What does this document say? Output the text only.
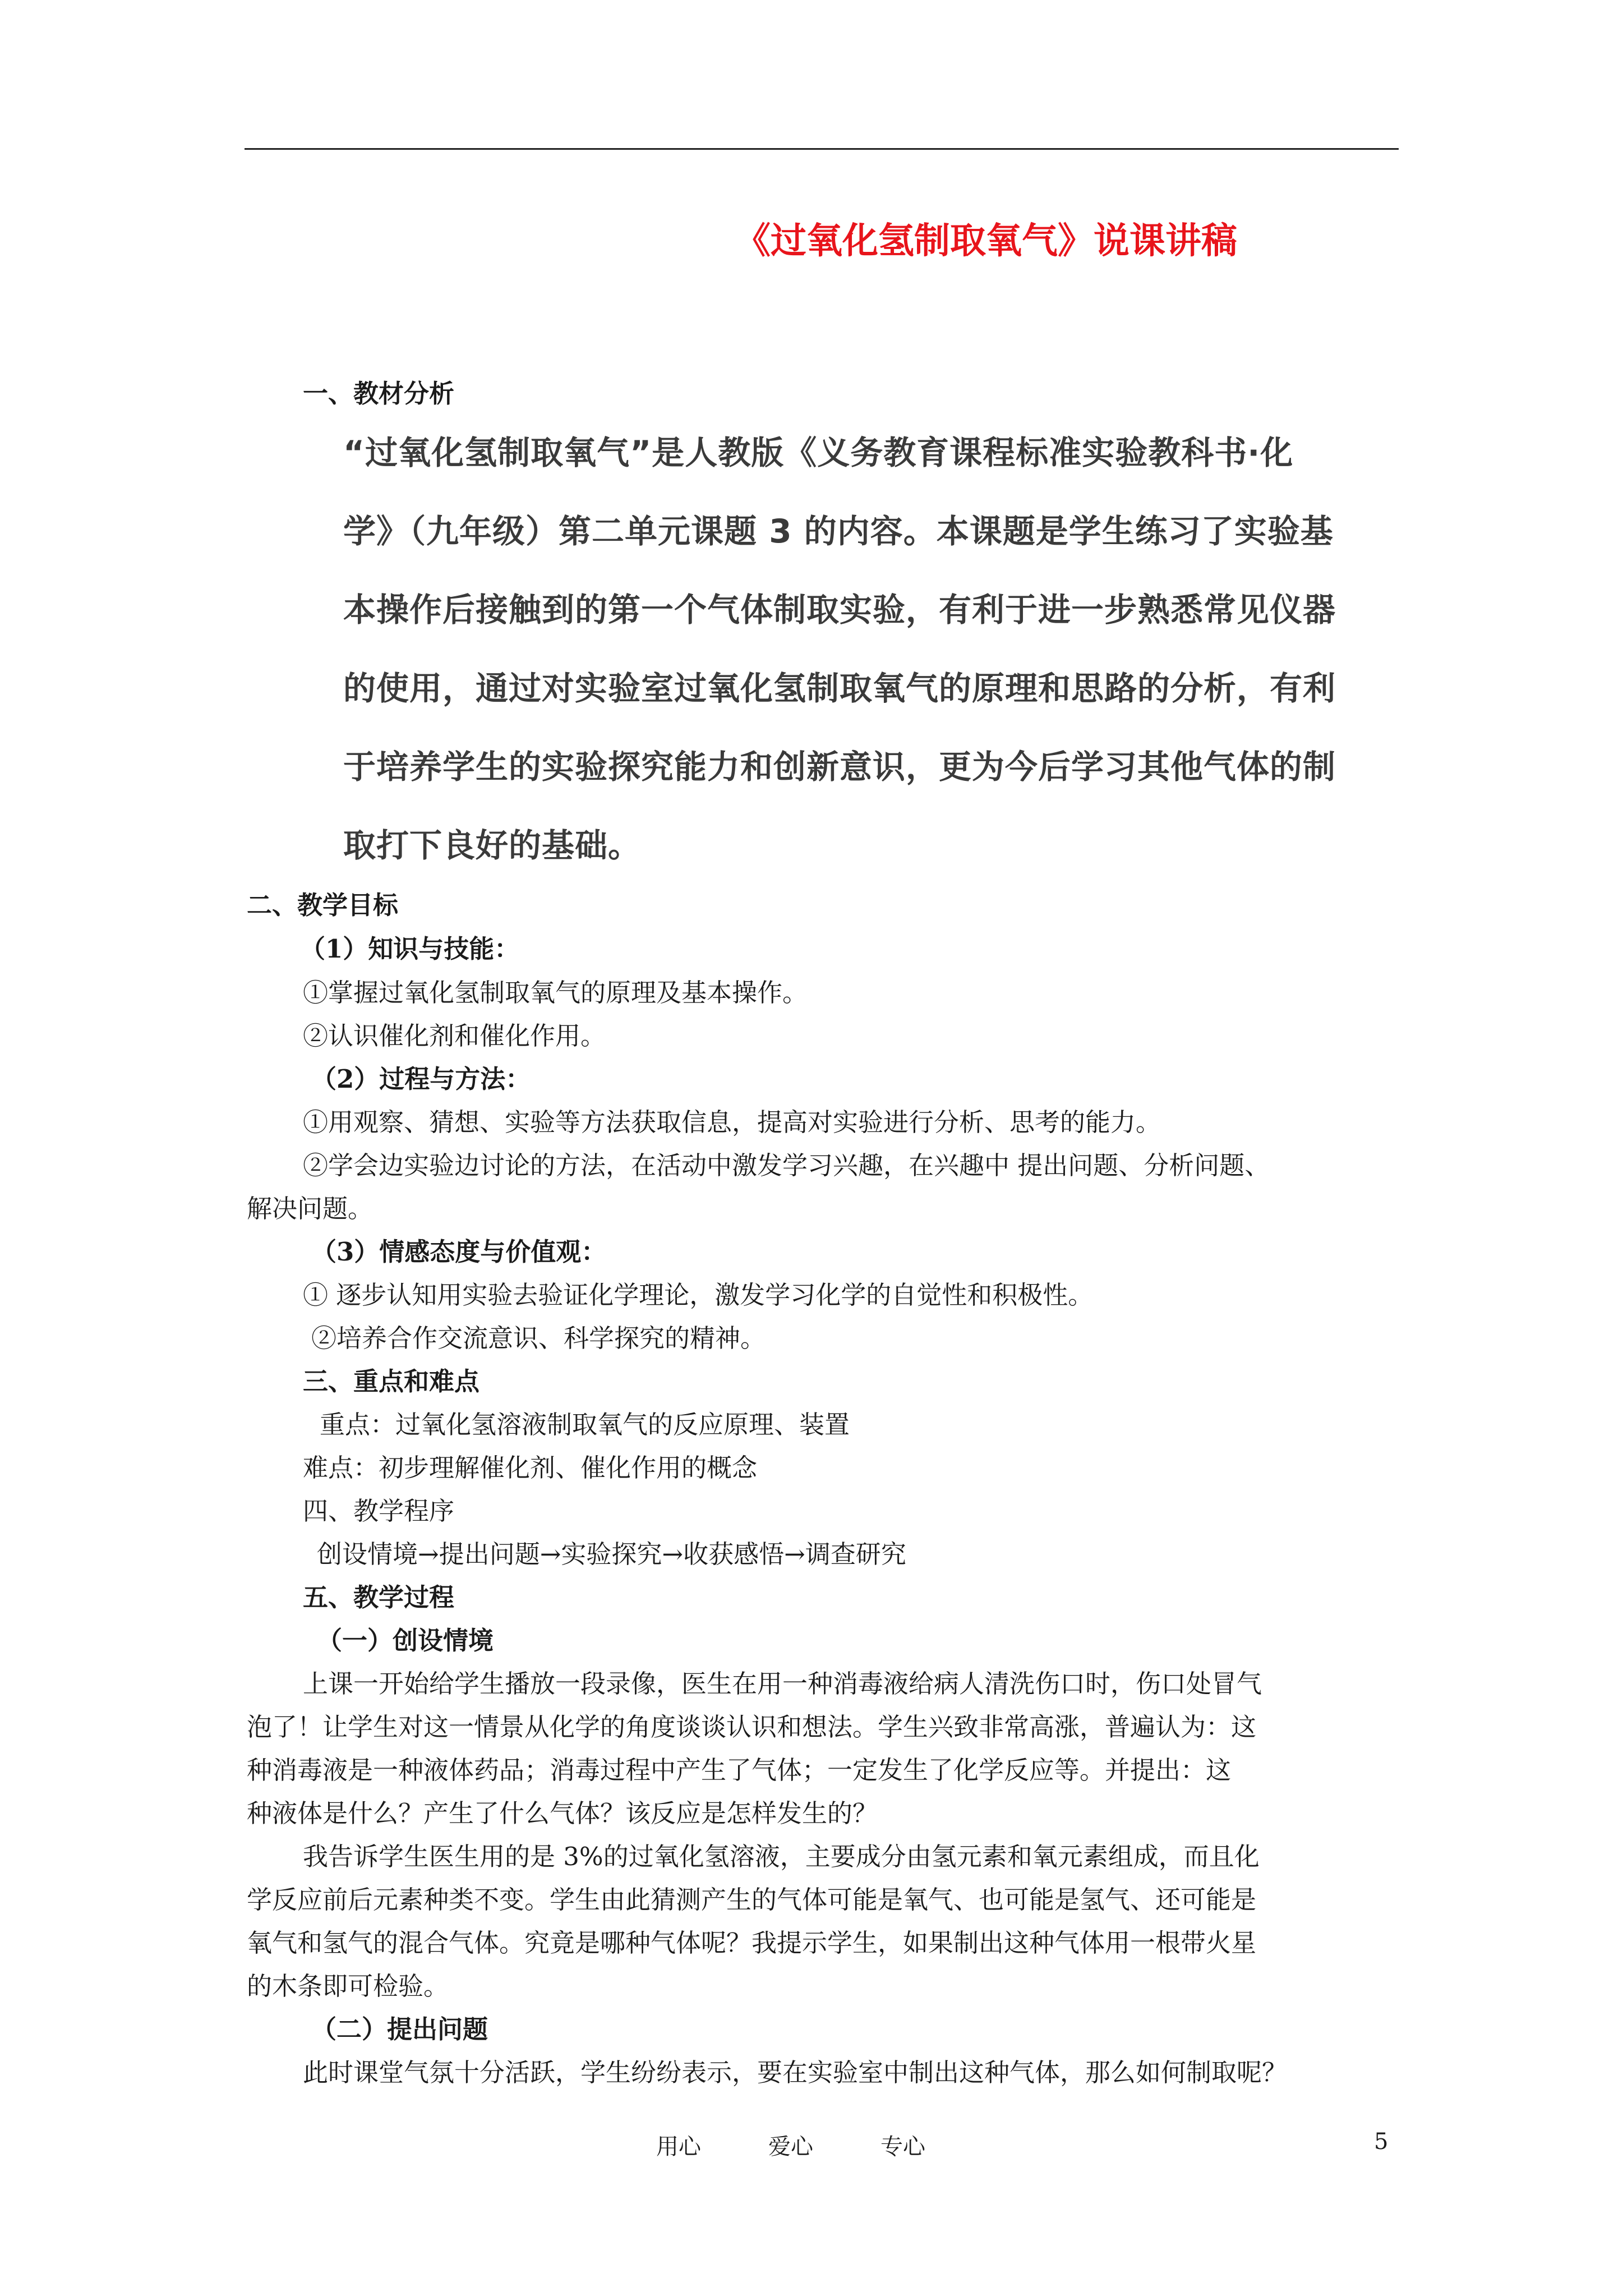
《过氧化氢制取氧气》说课讲稿
一、教材分析
“过氧化氢制取氧气”是人教版《义务教育课程标准实验教科书·化
学》（九年级）第二单元课题 3 的内容。本课题是学生练习了实验基
本操作后接触到的第一个气体制取实验，有利于进一步熟悉常见仪器
的使用，通过对实验室过氧化氢制取氧气的原理和思路的分析，有利
于培养学生的实验探究能力和创新意识，更为今后学习其他气体的制
取打下良好的基础。
二、教学目标
（1）知识与技能：
①掌握过氧化氢制取氧气的原理及基本操作。
②认识催化剂和催化作用。
（2）过程与方法：
①用观察、猜想、实验等方法获取信息，提高对实验进行分析、思考的能力。
②学会边实验边讨论的方法，在活动中激发学习兴趣，在兴趣中 提出问题、分析问题、
解决问题。
（3）情感态度与价值观：
① 逐步认知用实验去验证化学理论，激发学习化学的自觉性和积极性。
②培养合作交流意识、科学探究的精神。
三、重点和难点
重点：过氧化氢溶液制取氧气的反应原理、装置
难点：初步理解催化剂、催化作用的概念
四、教学程序
创设情境→提出问题→实验探究→收获感悟→调查研究
五、教学过程
（一）创设情境
上课一开始给学生播放一段录像，医生在用一种消毒液给病人清洗伤口时，伤口处冒气
泡了！让学生对这一情景从化学的角度谈谈认识和想法。学生兴致非常高涨，普遍认为：这
种消毒液是一种液体药品；消毒过程中产生了气体；一定发生了化学反应等。并提出：这
种液体是什么？产生了什么气体？该反应是怎样发生的？
我告诉学生医生用的是 3%的过氧化氢溶液，主要成分由氢元素和氧元素组成，而且化
学反应前后元素种类不变。学生由此猜测产生的气体可能是氧气、也可能是氢气、还可能是
氧气和氢气的混合气体。究竟是哪种气体呢？我提示学生，如果制出这种气体用一根带火星
的木条即可检验。
（二）提出问题
此时课堂气氛十分活跃，学生纷纷表示，要在实验室中制出这种气体，那么如何制取呢？
用心	爱心	专心	5
